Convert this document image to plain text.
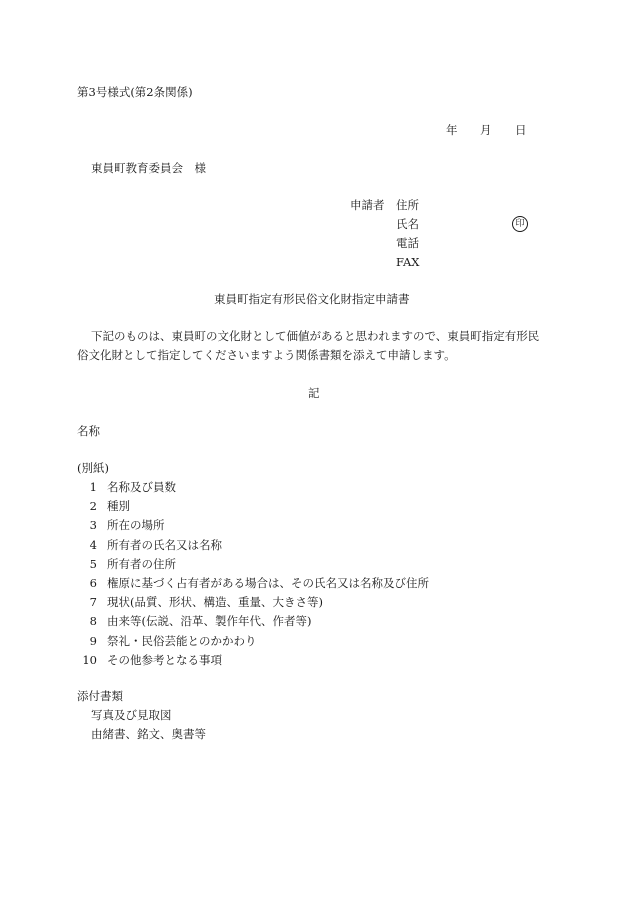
第3号様式(第2条関係)
年 月 日
東員町教育委員会　様
申請者 住所
氏名	印
電話
FAX
東員町指定有形民俗文化財指定申請書
下記のものは、東員町の文化財として価値があると思われますので、東員町指定有形民
俗文化財として指定してくださいますよう関係書類を添えて申請します。
記
名称
(別紙)
1 名称及び員数
2 種別
3 所在の場所
4 所有者の氏名又は名称
5 所有者の住所
6 権原に基づく占有者がある場合は、その氏名又は名称及び住所
7 現状(品質、形状、構造、重量、大きさ等)
8 由来等(伝説、沿革、製作年代、作者等)
9 祭礼・民俗芸能とのかかわり
10 その他参考となる事項
添付書類
写真及び見取図
由緒書、銘文、奥書等
